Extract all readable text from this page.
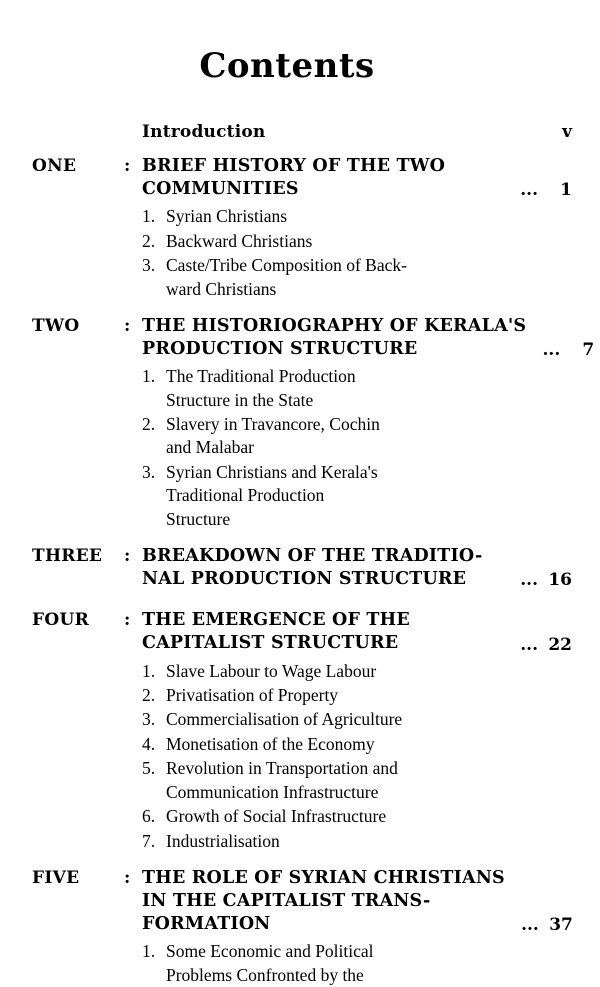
Contents
Introduction	v
ONE	: BRIEF HISTORY OF THE TWO
COMMUNITIES	...	1
1. Syrian Christians
2. Backward Christians
3. Caste/Tribe Composition of Back-
ward Christians
TWO	: THE HISTORIOGRAPHY OF KERALA'S
PRODUCTION STRUCTURE	...	7
1. The Traditional Production
Structure in the State
2. Slavery in Travancore, Cochin
and Malabar
3. Syrian Christians and Kerala's
Traditional Production
Structure
THREE	: BREAKDOWN OF THE TRADITIO-
NAL PRODUCTION STRUCTURE	... 16
FOUR	: THE EMERGENCE OF THE
CAPITALIST STRUCTURE	... 22
1. Slave Labour to Wage Labour
2. Privatisation of Property
3. Commercialisation of Agriculture
4. Monetisation of the Economy
5. Revolution in Transportation and
Communication Infrastructure
6. Growth of Social Infrastructure
7. Industrialisation
FIVE	: THE ROLE OF SYRIAN CHRISTIANS
IN THE CAPITALIST TRANS-
FORMATION	... 37
1. Some Economic and Political
Problems Confronted by the
